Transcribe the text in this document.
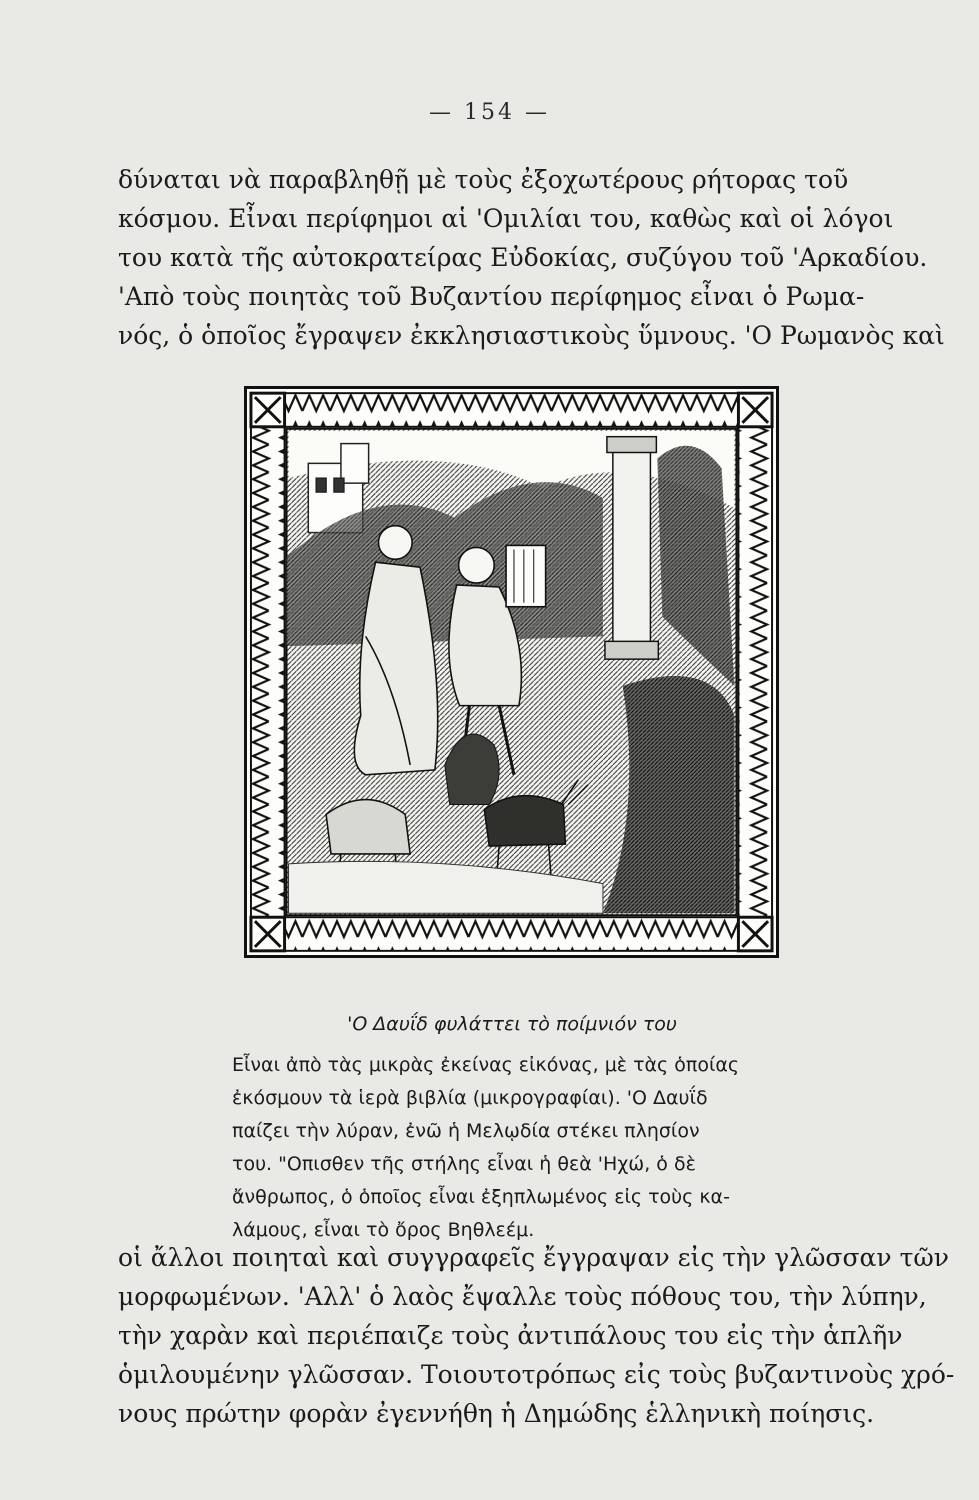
— 154 —
δύναται νὰ παραβληθῇ μὲ τοὺς ἐξοχωτέρους ρήτορας τοῦ
κόσμου. Εἶναι περίφημοι αἱ 'Ομιλίαι του, καθὼς καὶ οἱ λόγοι
του κατὰ τῆς αὐτοκρατείρας Εὐδοκίας, συζύγου τοῦ 'Αρκαδίου.
'Απὸ τοὺς ποιητὰς τοῦ Βυζαντίου περίφημος εἶναι ὁ Ρωμα-
νός, ὁ ὁποῖος ἔγραψεν ἐκκλησιαστικοὺς ὕμνους. 'Ο Ρωμανὸς καὶ
'Ο Δαυΐδ φυλάττει τὸ ποίμνιόν του
Εἶναι ἀπὸ τὰς μικρὰς ἐκείνας εἰκόνας, μὲ τὰς ὁποίας
ἐκόσμουν τὰ ἱερὰ βιβλία (μικρογραφίαι). 'Ο Δαυΐδ
παίζει τὴν λύραν, ἐνῶ ἡ Μελῳδία στέκει πλησίον
του. "Οπισθεν τῆς στήλης εἶναι ἡ θεὰ 'Ηχώ, ὁ δὲ
ἄνθρωπος, ὁ ὁποῖος εἶναι ἐξηπλωμένος εἰς τοὺς κα-
λάμους, εἶναι τὸ ὄρος Βηθλεέμ.
οἱ ἄλλοι ποιηταὶ καὶ συγγραφεῖς ἔγγραψαν εἰς τὴν γλῶσσαν τῶν
μορφωμένων. 'Αλλ' ὁ λαὸς ἔψαλλε τοὺς πόθους του, τὴν λύπην,
τὴν χαρὰν καὶ περιέπαιζε τοὺς ἀντιπάλους του εἰς τὴν ἁπλῆν
ὁμιλουμένην γλῶσσαν. Τοιουτοτρόπως εἰς τοὺς βυζαντινοὺς χρό-
νους πρώτην φορὰν ἐγεννήθη ἡ Δημώδης ἑλληνικὴ ποίησις.
